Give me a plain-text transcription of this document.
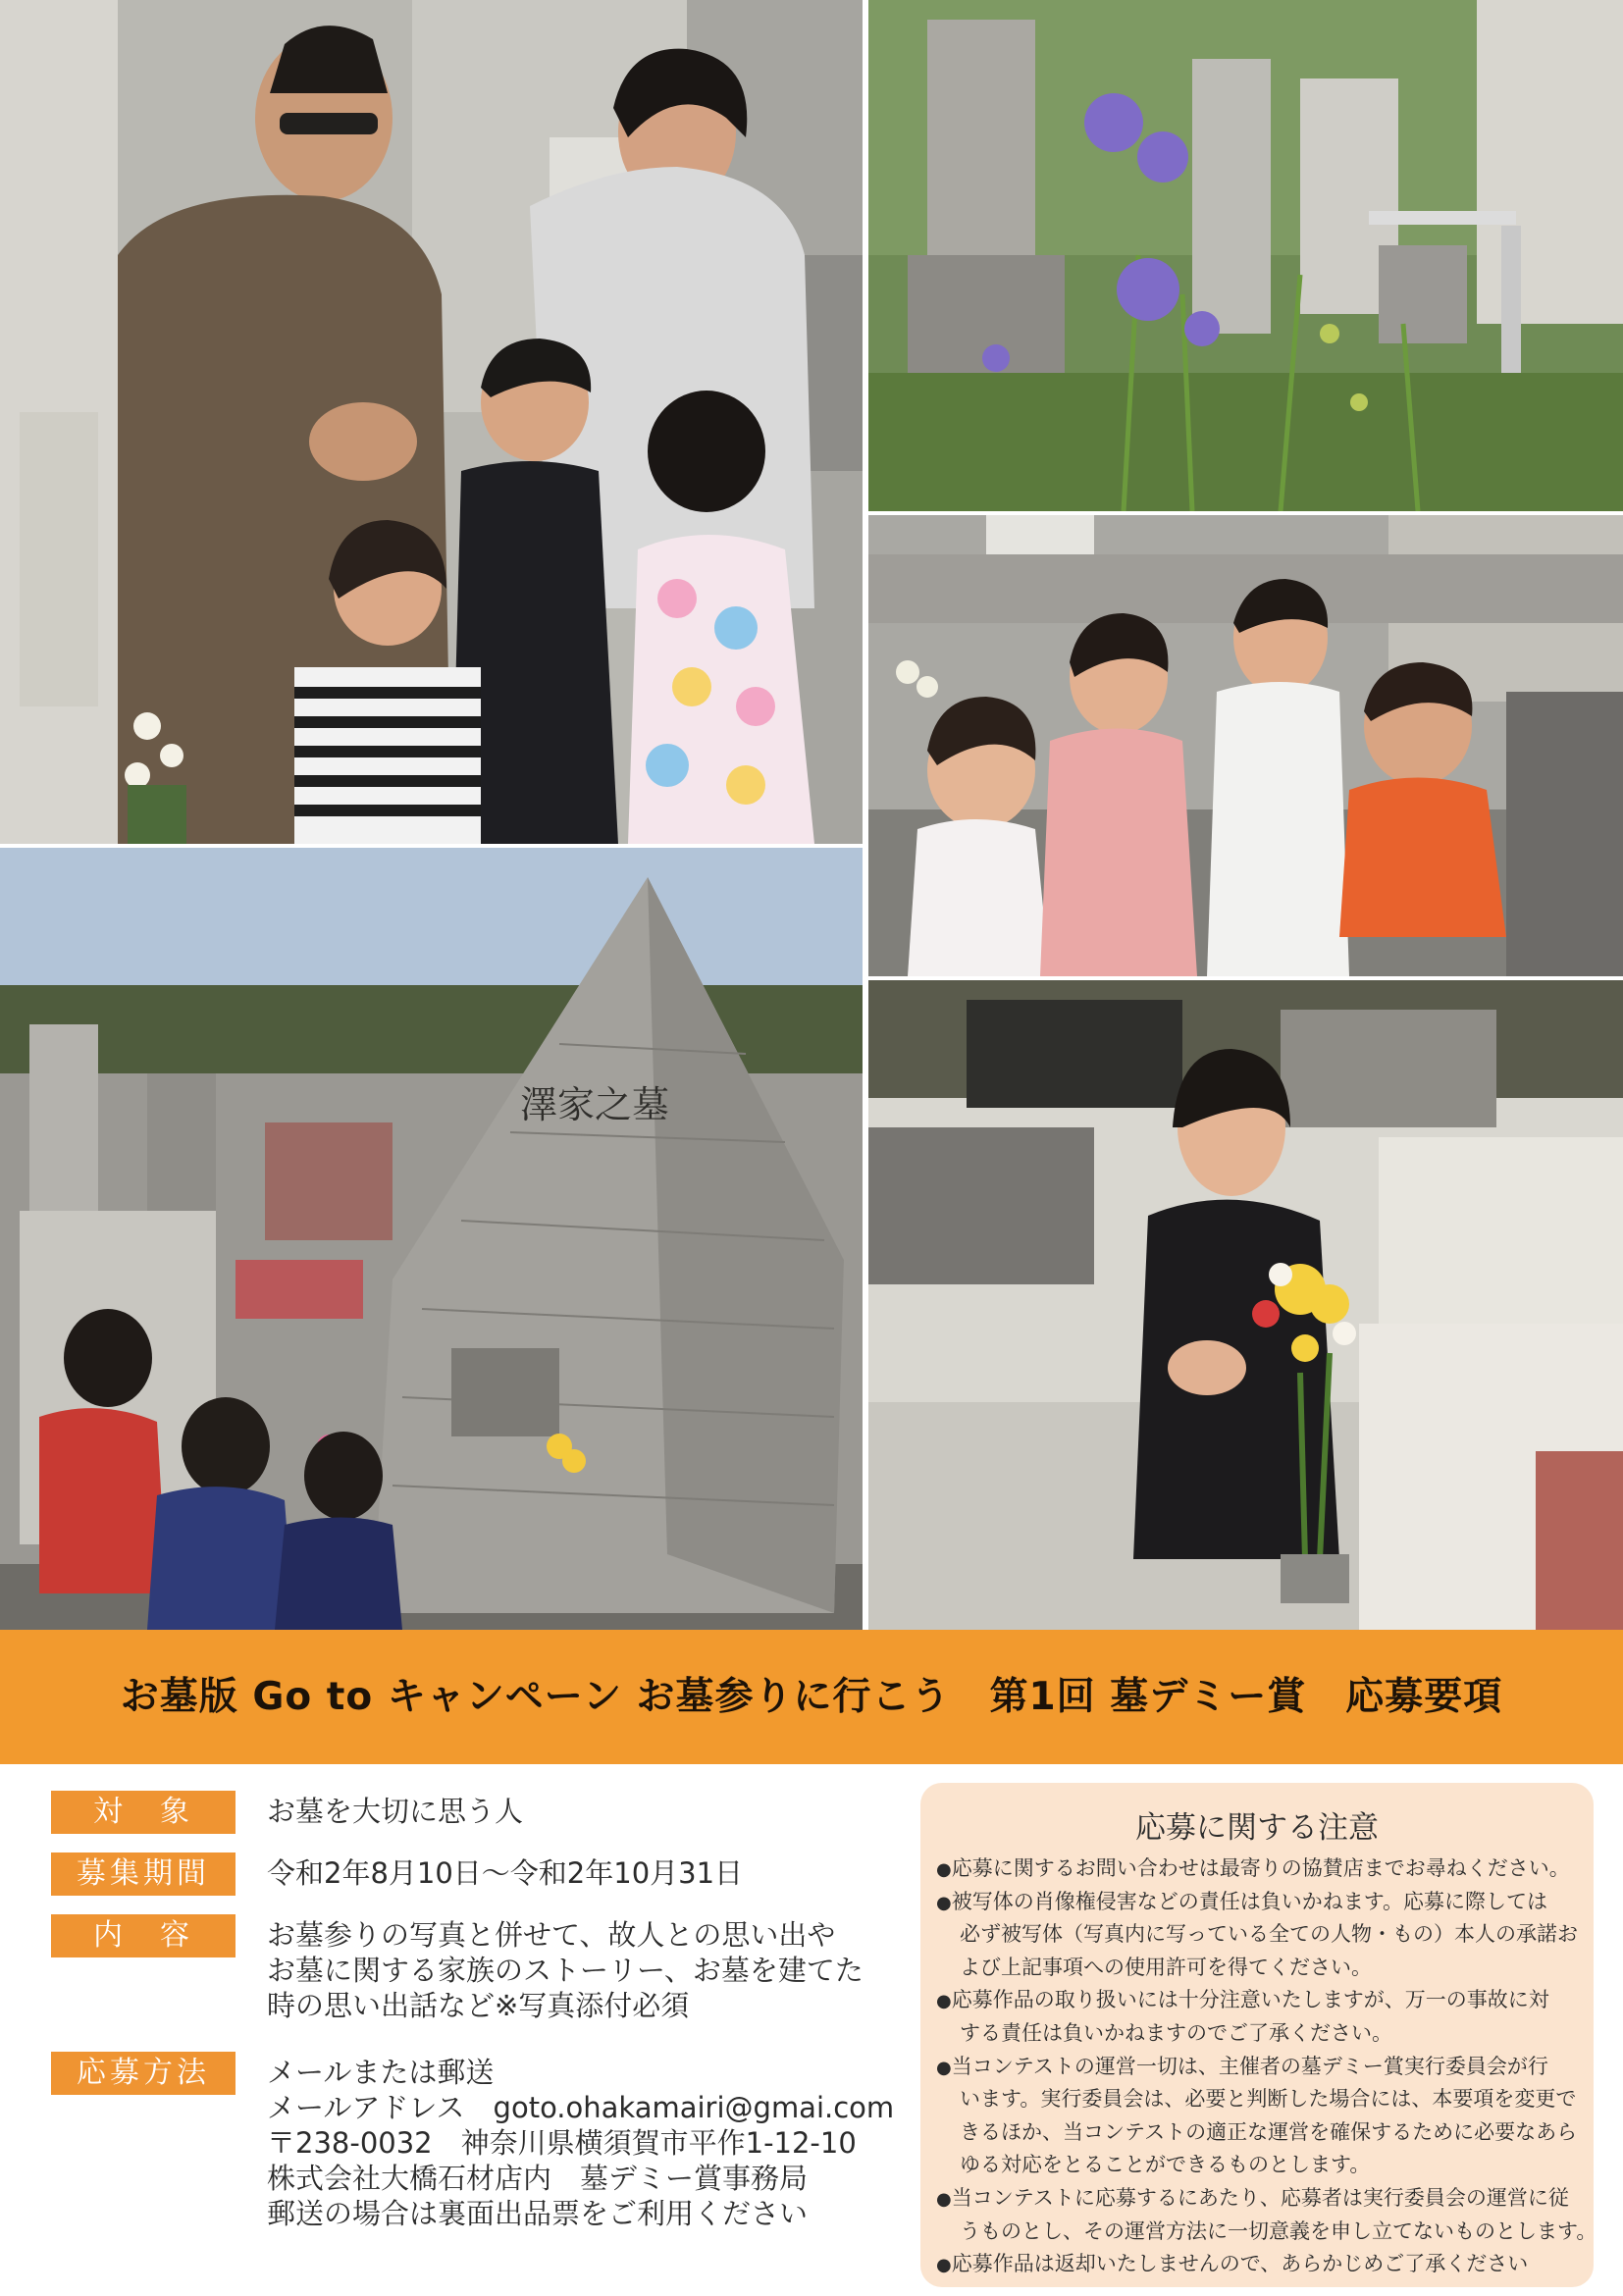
澤家之墓
お墓版 Go to キャンペーン お墓参りに行こう　第1回 墓デミー賞　応募要項
対　象	お墓を大切に思う人
募集期間	令和2年8月10日～令和2年10月31日
内　容	お墓参りの写真と併せて、故人との思い出や
お墓に関する家族のストーリー、お墓を建てた
時の思い出話など※写真添付必須
応募方法	メールまたは郵送
メールアドレス　goto.ohakamairi@gmai.com
〒238-0032　神奈川県横須賀市平作1-12-10
株式会社大橋石材店内　墓デミー賞事務局
郵送の場合は裏面出品票をご利用ください
応募に関する注意
●応募に関するお問い合わせは最寄りの協賛店までお尋ねください。
●被写体の肖像権侵害などの責任は負いかねます。応募に際しては
必ず被写体（写真内に写っている全ての人物・もの）本人の承諾お
よび上記事項への使用許可を得てください。
●応募作品の取り扱いには十分注意いたしますが、万一の事故に対
する責任は負いかねますのでご了承ください。
●当コンテストの運営一切は、主催者の墓デミー賞実行委員会が行
います。実行委員会は、必要と判断した場合には、本要項を変更で
きるほか、当コンテストの適正な運営を確保するために必要なあら
ゆる対応をとることができるものとします。
●当コンテストに応募するにあたり、応募者は実行委員会の運営に従
うものとし、その運営方法に一切意義を申し立てないものとします。
●応募作品は返却いたしませんので、あらかじめご了承ください
